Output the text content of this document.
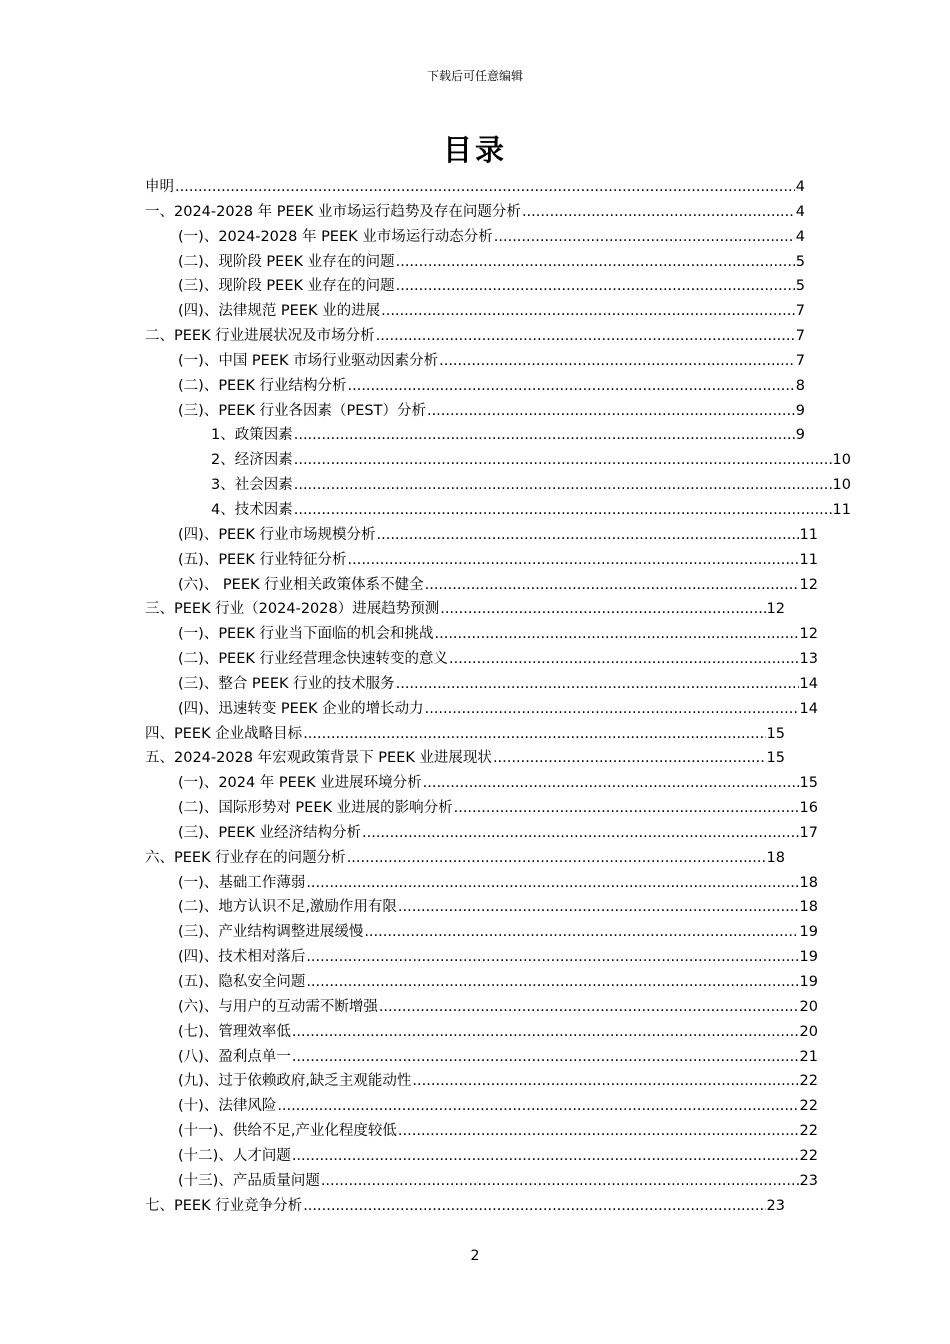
下载后可任意编辑
目录
申明 .....	4
一、2024-2028 年 PEEK 业市场运行趋势及存在问题分析 .....	4
(一)、2024-2028 年 PEEK 业市场运行动态分析 .....	4
(二)、现阶段 PEEK 业存在的问题 .....	5
(三)、现阶段 PEEK 业存在的问题 .....	5
(四)、法律规范 PEEK 业的进展 .....	7
二、PEEK 行业进展状况及市场分析 .....	7
(一)、中国 PEEK 市场行业驱动因素分析 .....	7
(二)、PEEK 行业结构分析 .....	8
(三)、PEEK 行业各因素（PEST）分析 .....	9
1、政策因素 .....	9
2、经济因素 .....	10
3、社会因素 .....	10
4、技术因素 .....	11
(四)、PEEK 行业市场规模分析 .....	11
(五)、PEEK 行业特征分析 .....	11
(六)、 PEEK 行业相关政策体系不健全 .....	12
三、PEEK 行业（2024-2028）进展趋势预测 .....	12
(一)、PEEK 行业当下面临的机会和挑战 .....	12
(二)、PEEK 行业经营理念快速转变的意义 .....	13
(三)、整合 PEEK 行业的技术服务 .....	14
(四)、迅速转变 PEEK 企业的增长动力 .....	14
四、PEEK 企业战略目标 .....	15
五、2024-2028 年宏观政策背景下 PEEK 业进展现状 .....	15
(一)、2024 年 PEEK 业进展环境分析 .....	15
(二)、国际形势对 PEEK 业进展的影响分析 .....	16
(三)、PEEK 业经济结构分析 .....	17
六、PEEK 行业存在的问题分析 .....	18
(一)、基础工作薄弱 .....	18
(二)、地方认识不足,激励作用有限 .....	18
(三)、产业结构调整进展缓慢 .....	19
(四)、技术相对落后 .....	19
(五)、隐私安全问题 .....	19
(六)、与用户的互动需不断增强 .....	20
(七)、管理效率低 .....	20
(八)、盈利点单一 .....	21
(九)、过于依赖政府,缺乏主观能动性 .....	22
(十)、法律风险 .....	22
(十一)、供给不足,产业化程度较低 .....	22
(十二)、人才问题 .....	22
(十三)、产品质量问题 .....	23
七、PEEK 行业竞争分析 .....	23
2
